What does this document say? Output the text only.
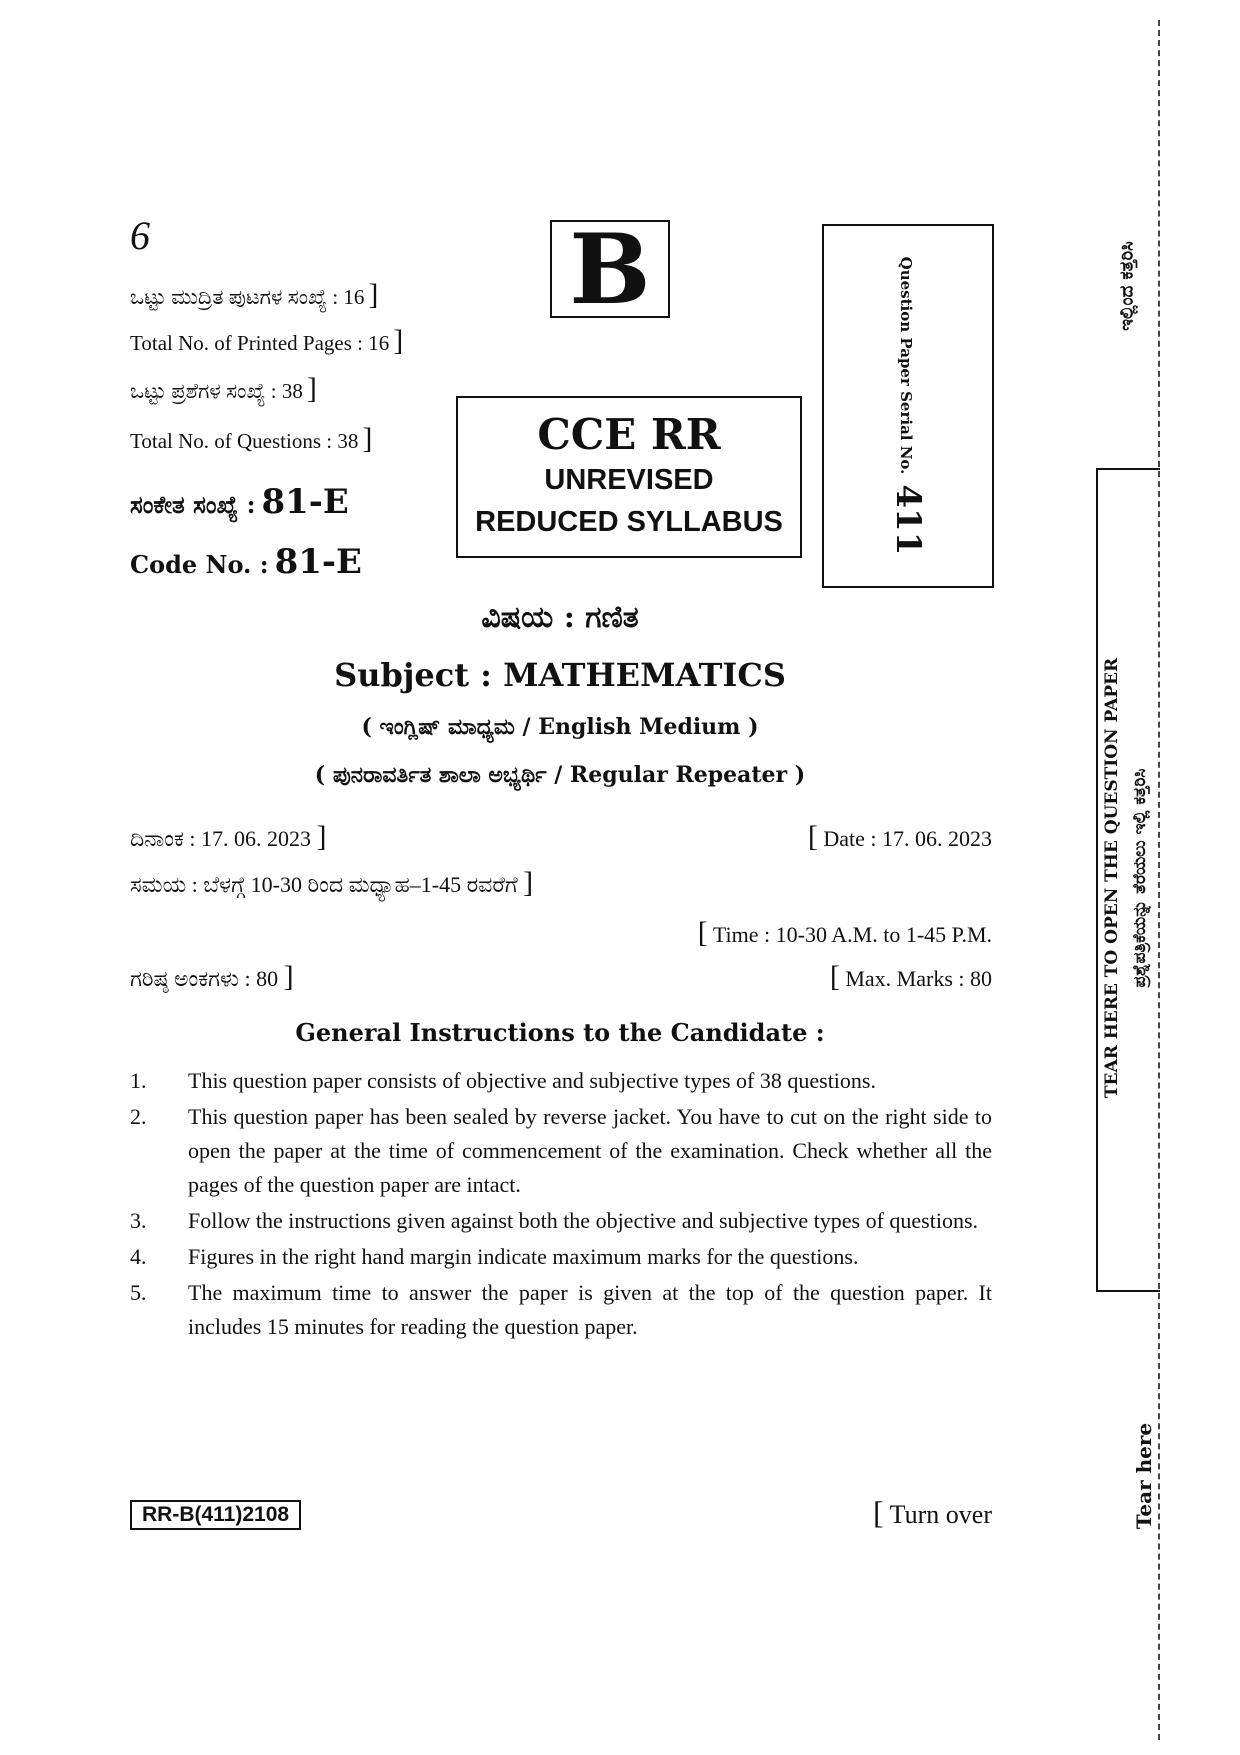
6
ಒಟ್ಟು ಮುದ್ರಿತ ಪುಟಗಳ ಸಂಖ್ಯೆ : 16 ]
Total No. of Printed Pages : 16 ]
ಒಟ್ಟು ಪ್ರಶೆಗಳ ಸಂಖ್ಯೆ : 38 ]
Total No. of Questions : 38 ]
ಸಂಕೇತ ಸಂಖ್ಯೆ : 81-E
Code No. : 81-E
B
CCE RR
UNREVISED
REDUCED SYLLABUS
Question Paper Serial No.411
ವಿಷಯ : ಗಣಿತ
Subject : MATHEMATICS
( ಇಂಗ್ಲಿಷ್ ಮಾಧ್ಯಮ / English Medium )
( ಪುನರಾವರ್ತಿತ ಶಾಲಾ ಅಭ್ಯರ್ಥಿ / Regular Repeater )
ದಿನಾಂಕ : 17. 06. 2023 ]	[ Date : 17. 06. 2023
ಸಮಯ : ಬೆಳಗ್ಗೆ 10-30 ರಿಂದ ಮಧ್ಯಾಹ–1-45 ರವರೆಗೆ ]
[ Time : 10-30 A.M. to 1-45 P.M.
ಗರಿಷ್ಠ ಅಂಕಗಳು : 80 ]	[ Max. Marks : 80
General Instructions to the Candidate :
1.	This question paper consists of objective and subjective types of 38 questions.
2.	This question paper has been sealed by reverse jacket. You have to cut on the right side to open the paper at the time of commencement of the examination. Check whether all the pages of the question paper are intact.
3.	Follow the instructions given against both the objective and subjective types of questions.
4.	Figures in the right hand margin indicate maximum marks for the questions.
5.	The maximum time to answer the paper is given at the top of the question paper. It includes 15 minutes for reading the question paper.
RR-B(411)2108	[ Turn over
ಇಲ್ಲಿಂದ ಕತ್ತರಿಸಿ
TEAR HERE TO OPEN THE QUESTION PAPER ಪ್ರಶ್ನೆಪತ್ರಿಕೆಯನ್ನು ತೆರೆಯಲು ಇಲ್ಲಿ ಕತ್ತರಿಸಿ
Tear here
